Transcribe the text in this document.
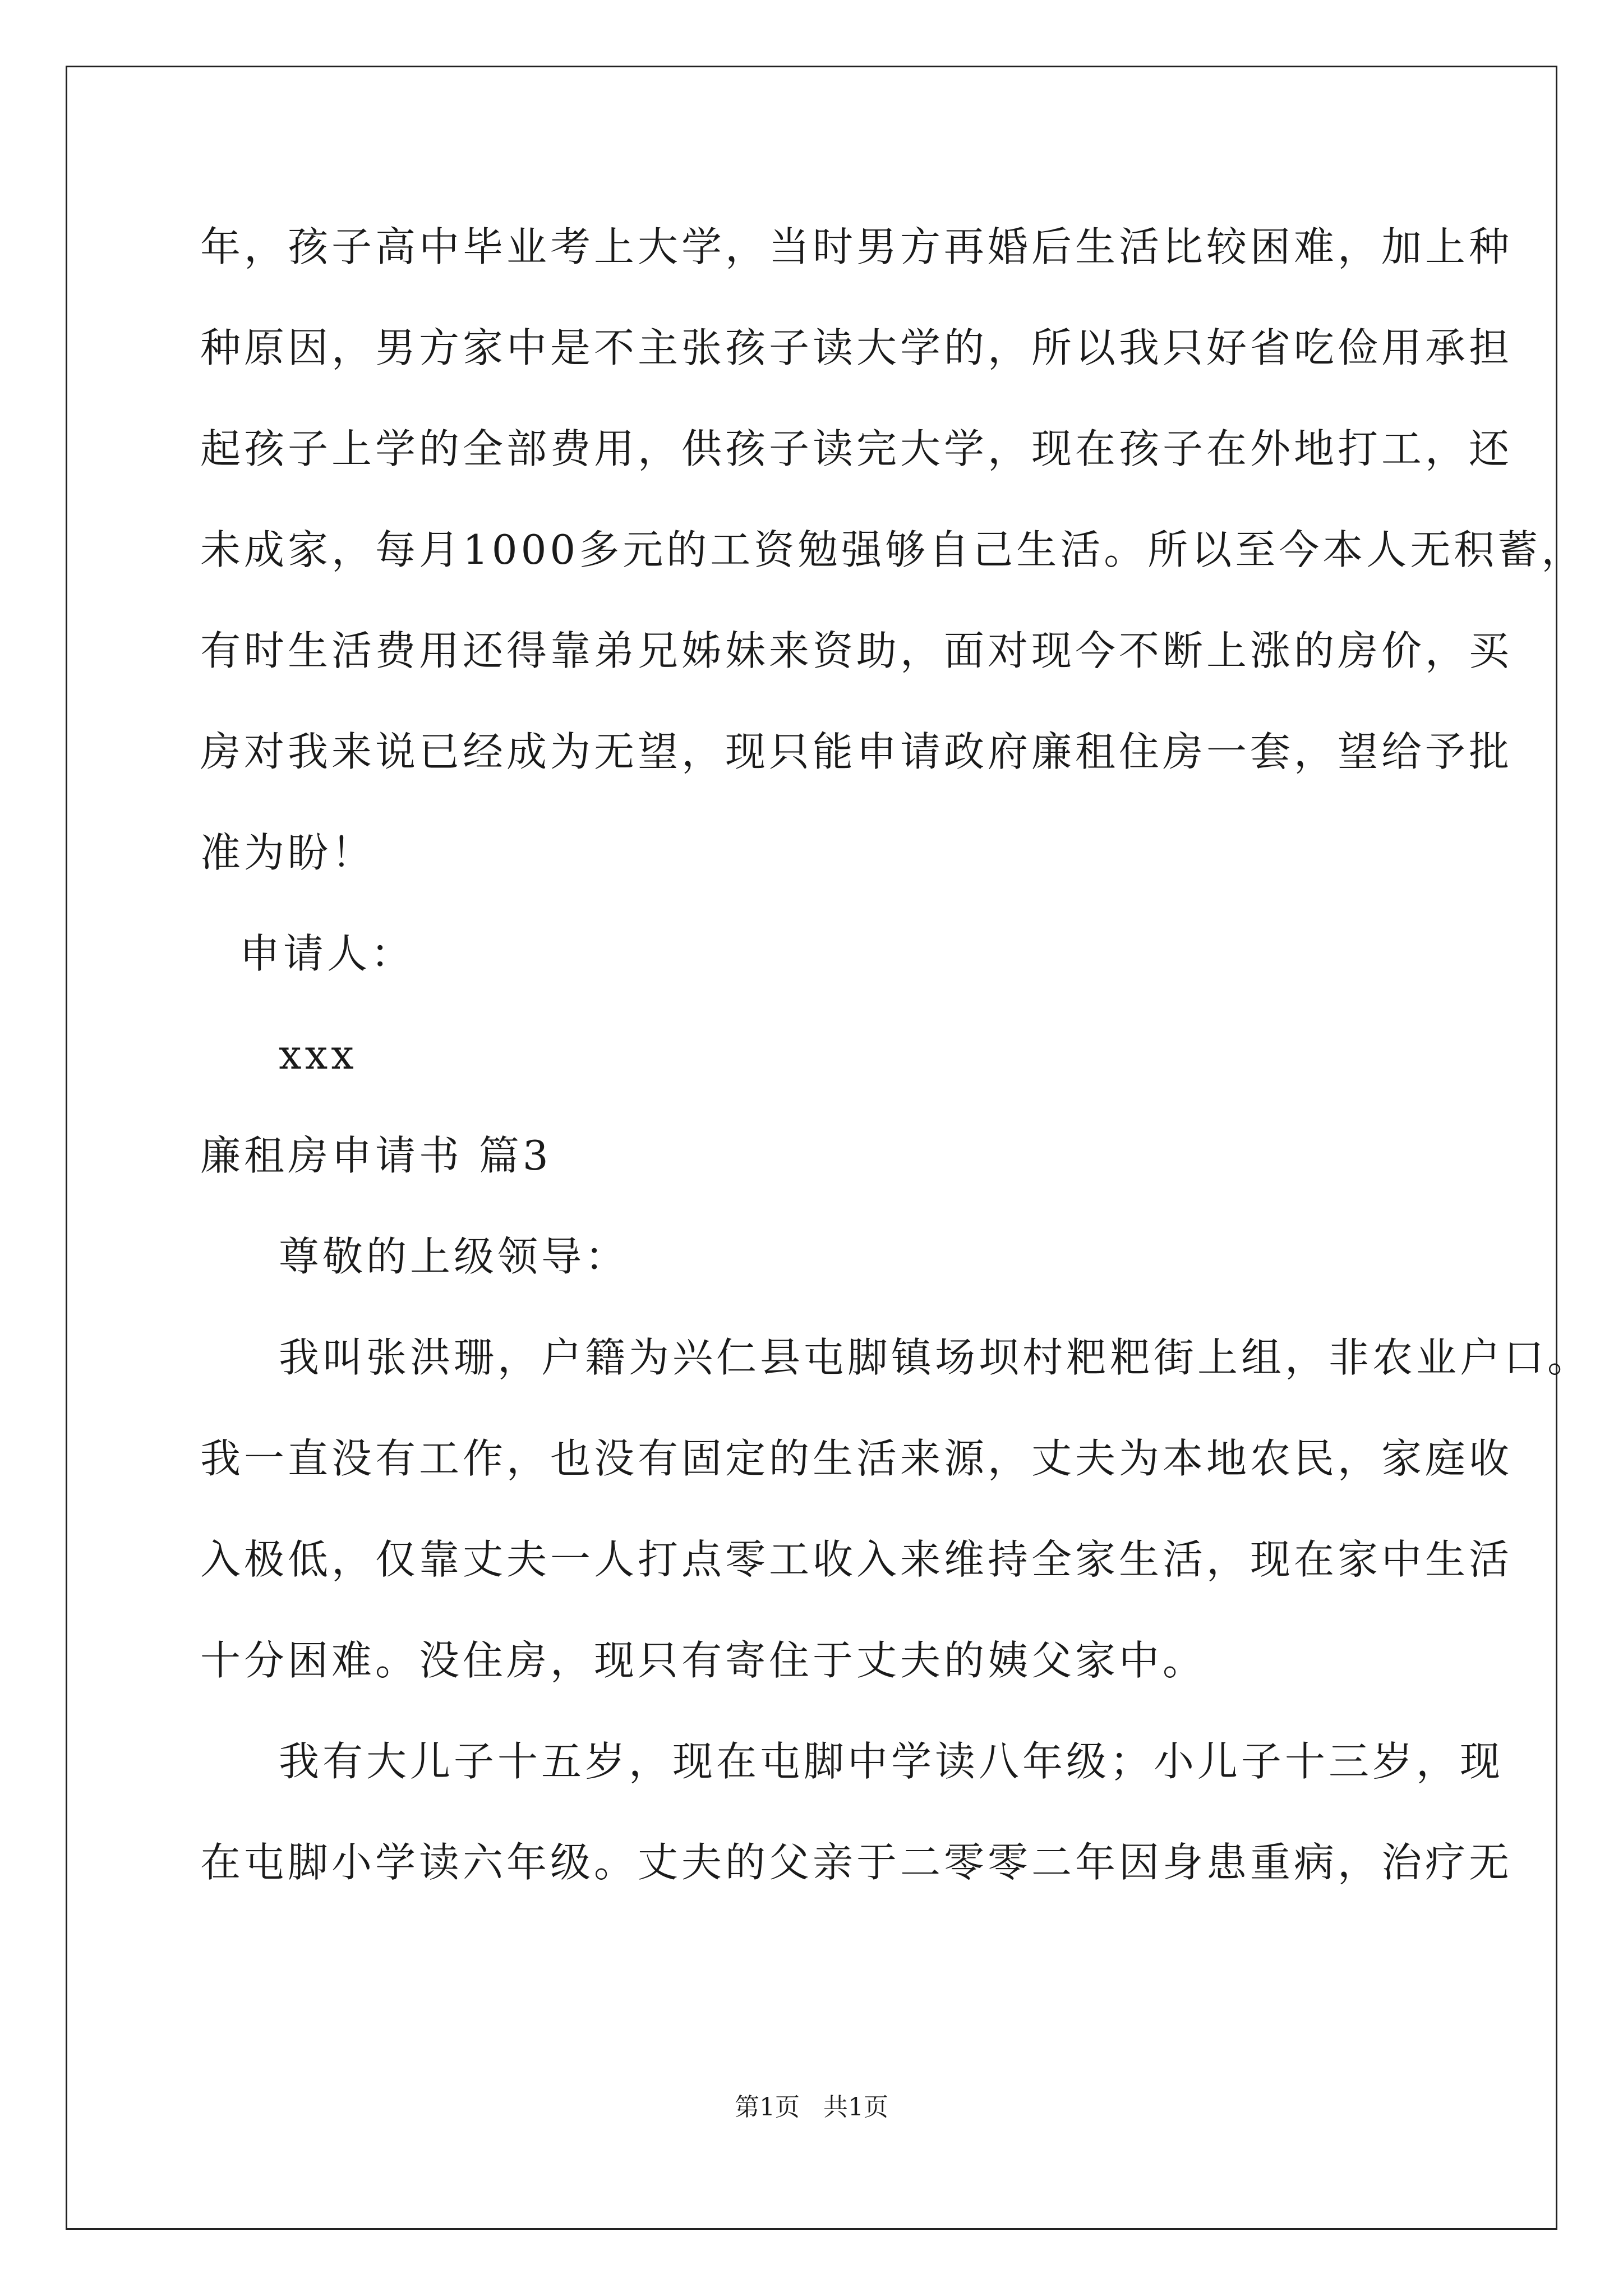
年，孩子高中毕业考上大学，当时男方再婚后生活比较困难，加上种
种原因，男方家中是不主张孩子读大学的，所以我只好省吃俭用承担
起孩子上学的全部费用，供孩子读完大学，现在孩子在外地打工，还
未成家，每月1000多元的工资勉强够自己生活。所以至今本人无积蓄，
有时生活费用还得靠弟兄姊妹来资助，面对现今不断上涨的房价，买
房对我来说已经成为无望，现只能申请政府廉租住房一套，望给予批
准为盼！
申请人：
xxx
廉租房申请书 篇3
尊敬的上级领导：
我叫张洪珊，户籍为兴仁县屯脚镇场坝村粑粑街上组，非农业户口。
我一直没有工作，也没有固定的生活来源，丈夫为本地农民，家庭收
入极低，仅靠丈夫一人打点零工收入来维持全家生活，现在家中生活
十分困难。没住房，现只有寄住于丈夫的姨父家中。
我有大儿子十五岁，现在屯脚中学读八年级；小儿子十三岁，现
在屯脚小学读六年级。丈夫的父亲于二零零二年因身患重病，治疗无
第1页 共1页
